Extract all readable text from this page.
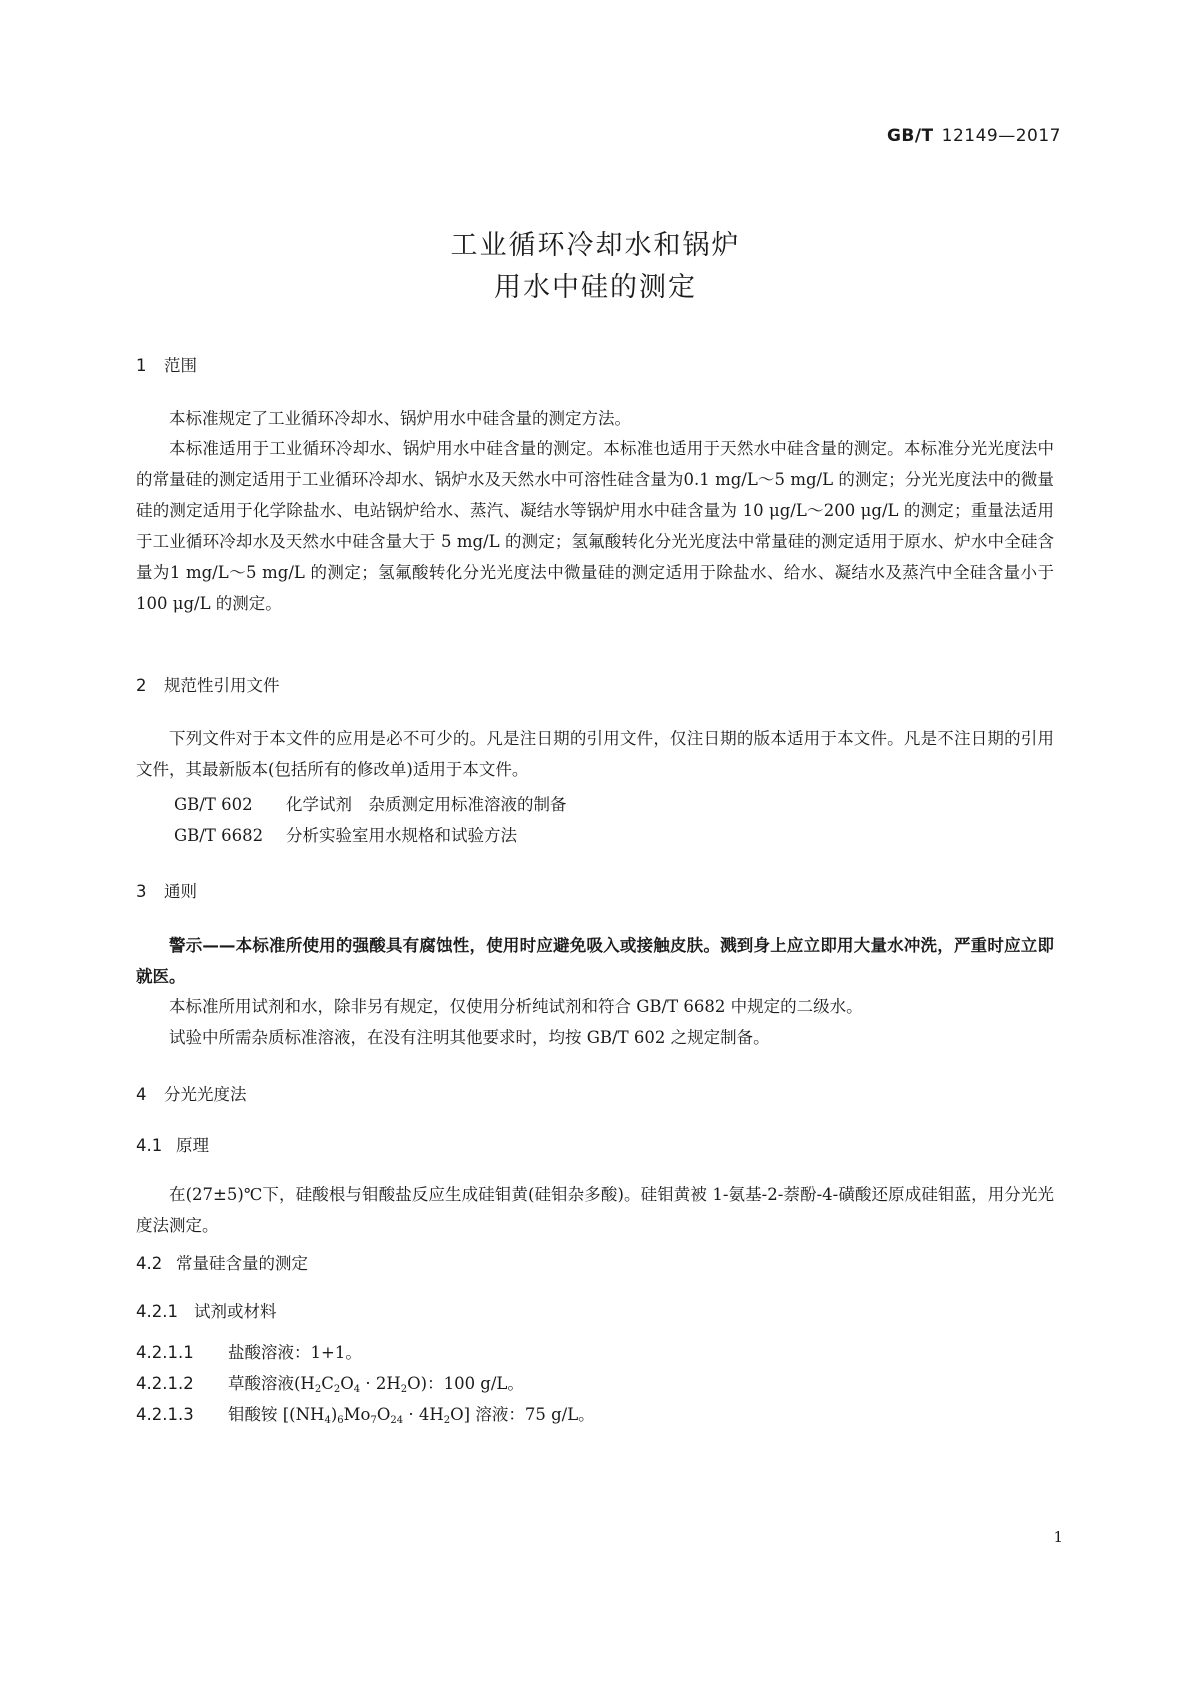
GB/T 12149—2017
工业循环冷却水和锅炉
用水中硅的测定
1 范围
本标准规定了工业循环冷却水、锅炉用水中硅含量的测定方法。
本标准适用于工业循环冷却水、锅炉用水中硅含量的测定。本标准也适用于天然水中硅含量的测定。本标准分光光度法中的常量硅的测定适用于工业循环冷却水、锅炉水及天然水中可溶性硅含量为0.1 mg/L～5 mg/L 的测定；分光光度法中的微量硅的测定适用于化学除盐水、电站锅炉给水、蒸汽、凝结水等锅炉用水中硅含量为 10 μg/L～200 μg/L 的测定；重量法适用于工业循环冷却水及天然水中硅含量大于 5 mg/L 的测定；氢氟酸转化分光光度法中常量硅的测定适用于原水、炉水中全硅含量为1 mg/L～5 mg/L 的测定；氢氟酸转化分光光度法中微量硅的测定适用于除盐水、给水、凝结水及蒸汽中全硅含量小于 100 μg/L 的测定。
2 规范性引用文件
下列文件对于本文件的应用是必不可少的。凡是注日期的引用文件，仅注日期的版本适用于本文件。凡是不注日期的引用文件，其最新版本(包括所有的修改单)适用于本文件。
GB/T 602 化学试剂　杂质测定用标准溶液的制备
GB/T 6682 分析实验室用水规格和试验方法
3 通则
警示——本标准所使用的强酸具有腐蚀性，使用时应避免吸入或接触皮肤。溅到身上应立即用大量水冲洗，严重时应立即就医。
本标准所用试剂和水，除非另有规定，仅使用分析纯试剂和符合 GB/T 6682 中规定的二级水。
试验中所需杂质标准溶液，在没有注明其他要求时，均按 GB/T 602 之规定制备。
4 分光光度法
4.1 原理
在(27±5)℃下，硅酸根与钼酸盐反应生成硅钼黄(硅钼杂多酸)。硅钼黄被 1-氨基-2-萘酚-4-磺酸还原成硅钼蓝，用分光光度法测定。
4.2 常量硅含量的测定
4.2.1 试剂或材料
4.2.1.1 盐酸溶液：1+1。
4.2.1.2 草酸溶液$(H_2C_2O_4 \cdot 2H_2O)$：100 g/L。
4.2.1.3 钼酸铵 $[(NH_4)_6Mo_7O_{24} \cdot 4H_2O]$ 溶液：75 g/L。
1
